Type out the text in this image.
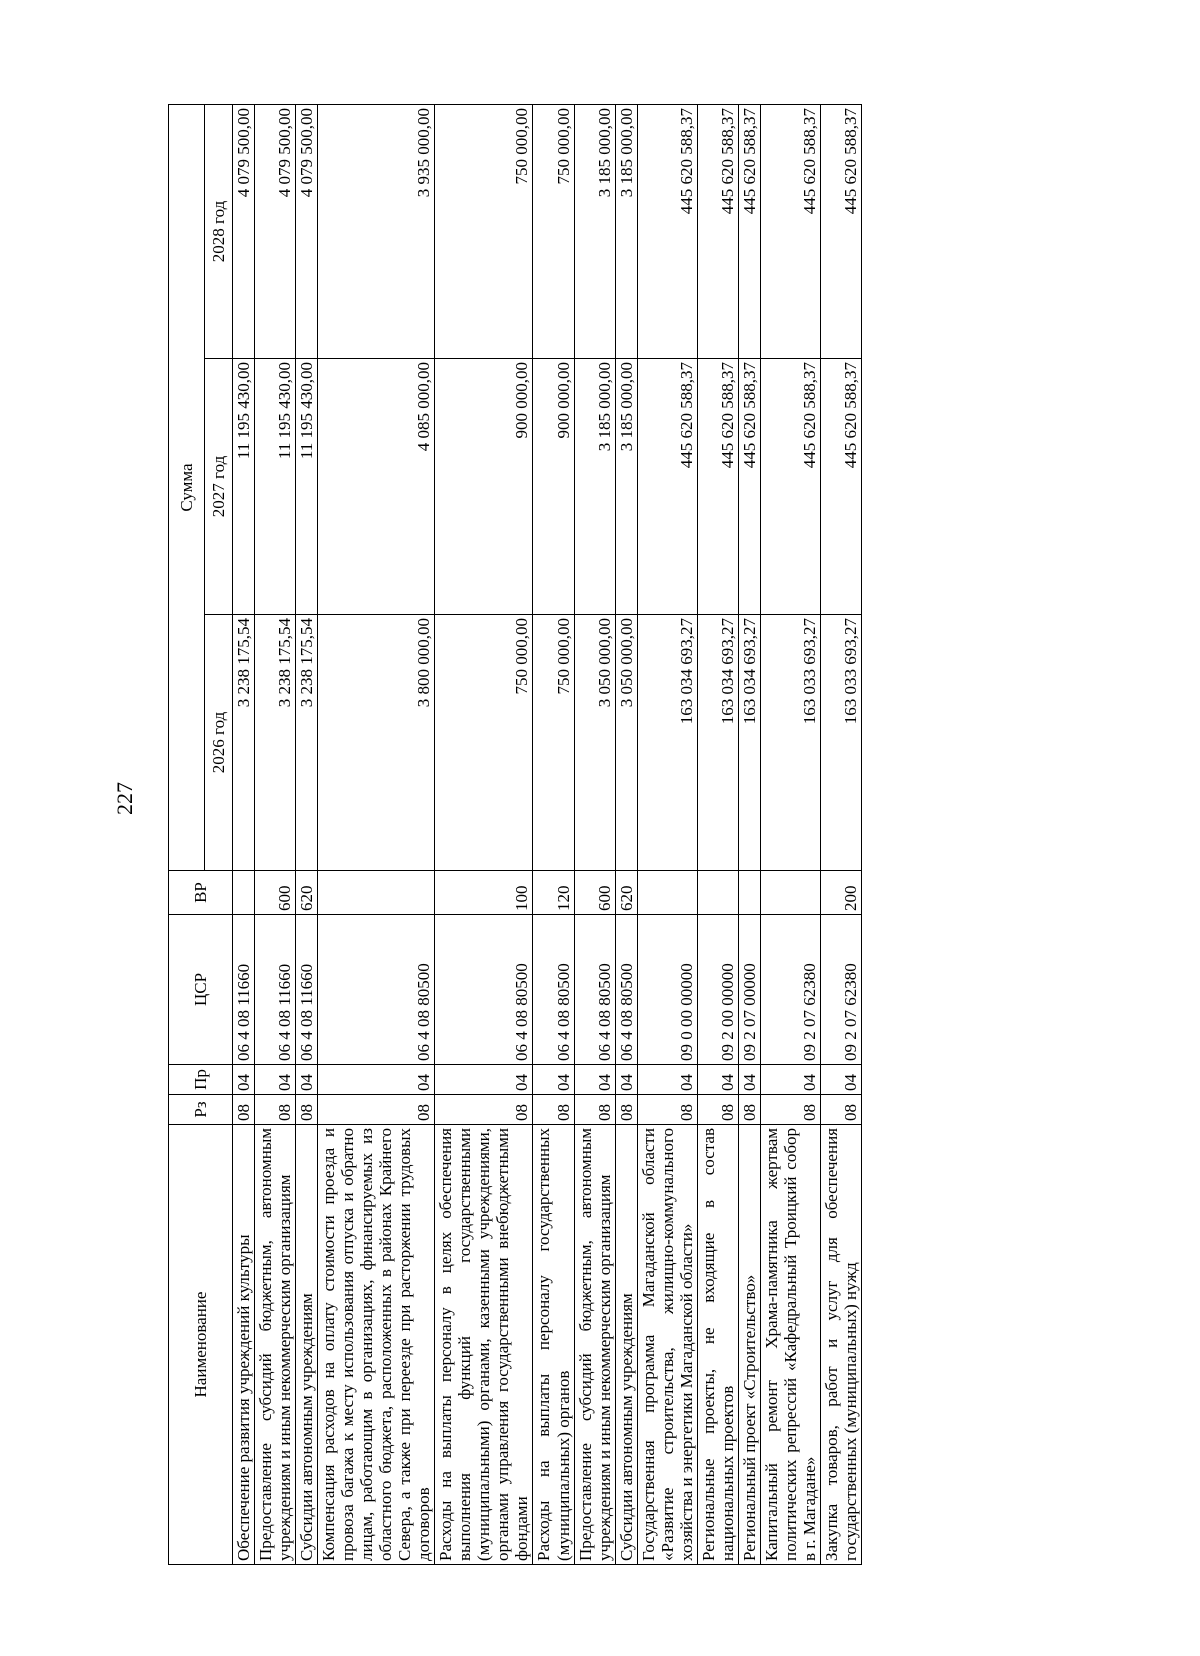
227
Наименование	Рз	Пр	ЦСР	ВР	Сумма		
					2026 год	2027 год	2028 год
Обеспечение развития учреждений культуры	08	04	06 4 08 11660		3 238 175,54	11 195 430,00	4 079 500,00
Предоставление субсидий бюджетным, автономным учреждениям и иным некоммерческим организациям	08	04	06 4 08 11660	600	3 238 175,54	11 195 430,00	4 079 500,00
Субсидии автономным учреждениям	08	04	06 4 08 11660	620	3 238 175,54	11 195 430,00	4 079 500,00
Компенсация расходов на оплату стоимости проезда и провоза багажа к месту использования отпуска и обратно лицам, работающим в организациях, финансируемых из областного бюджета, расположенных в районах Крайнего Севера, а также при переезде при расторжении трудовых договоров	08	04	06 4 08 80500		3 800 000,00	4 085 000,00	3 935 000,00
Расходы на выплаты персоналу в целях обеспечения выполнения функций государственными (муниципальными) органами, казенными учреждениями, органами управления государственными внебюджетными фондами	08	04	06 4 08 80500	100	750 000,00	900 000,00	750 000,00
Расходы на выплаты персоналу государственных (муниципальных) органов	08	04	06 4 08 80500	120	750 000,00	900 000,00	750 000,00
Предоставление субсидий бюджетным, автономным учреждениям и иным некоммерческим организациям	08	04	06 4 08 80500	600	3 050 000,00	3 185 000,00	3 185 000,00
Субсидии автономным учреждениям	08	04	06 4 08 80500	620	3 050 000,00	3 185 000,00	3 185 000,00
Государственная программа Магаданской области «Развитие строительства, жилищно-коммунального хозяйства и энергетики Магаданской области»	08	04	09 0 00 00000		163 034 693,27	445 620 588,37	445 620 588,37
Региональные проекты, не входящие в состав национальных проектов	08	04	09 2 00 00000		163 034 693,27	445 620 588,37	445 620 588,37
Региональный проект «Строительство»	08	04	09 2 07 00000		163 034 693,27	445 620 588,37	445 620 588,37
Капитальный ремонт Храма-памятника жертвам политических репрессий «Кафедральный Троицкий собор в г. Магадане»	08	04	09 2 07 62380		163 033 693,27	445 620 588,37	445 620 588,37
Закупка товаров, работ и услуг для обеспечения государственных (муниципальных) нужд	08	04	09 2 07 62380	200	163 033 693,27	445 620 588,37	445 620 588,37
